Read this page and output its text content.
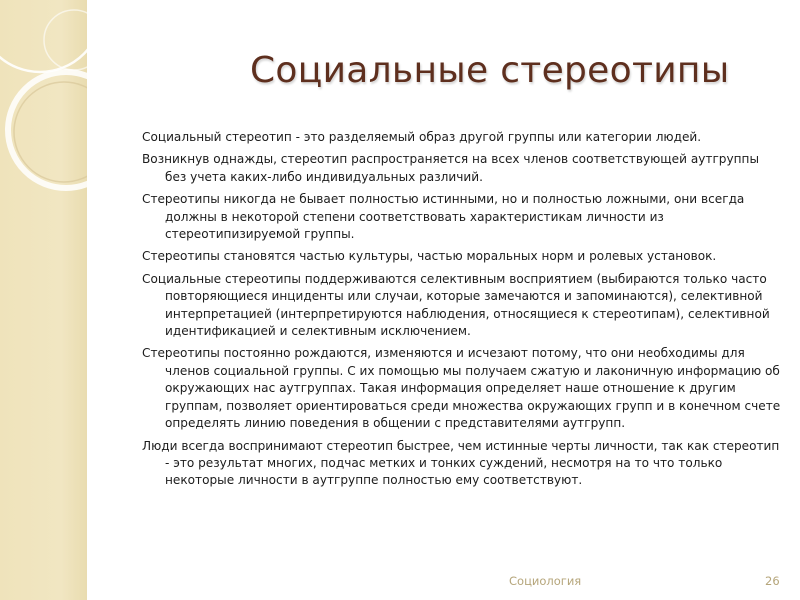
Социальные стереотипы

Социальный стереотип - это разделяемый образ другой группы или категории людей.

Возникнув однажды, стереотип распространяется на всех членов соответствующей аутгруппы без учета каких-либо индивидуальных различий.

Стереотипы никогда не бывает полностью истинными, но и полностью ложными, они всегда должны в некоторой степени соответствовать характеристикам личности из стереотипизируемой группы.

Стереотипы становятся частью культуры, частью моральных норм и ролевых установок.

Социальные стереотипы поддерживаются селективным восприятием (выбираются только часто повторяющиеся инциденты или случаи, которые замечаются и запоминаются), селективной интерпретацией (интерпретируются наблюдения, относящиеся к стереотипам), селективной идентификацией и селективным исключением.

Стереотипы постоянно рождаются, изменяются и исчезают потому, что они необходимы для членов социальной группы. С их помощью мы получаем сжатую и лаконичную информацию об окружающих нас аутгруппах. Такая информация определяет наше отношение к другим группам, позволяет ориентироваться среди множества окружающих групп и в конечном счете определять линию поведения в общении с представителями аутгрупп.

Люди всегда воспринимают стереотип быстрее, чем истинные черты личности, так как стереотип - это результат многих, подчас метких и тонких суждений, несмотря на то что только некоторые личности в аутгруппе полностью ему соответствуют.

Социология	26
